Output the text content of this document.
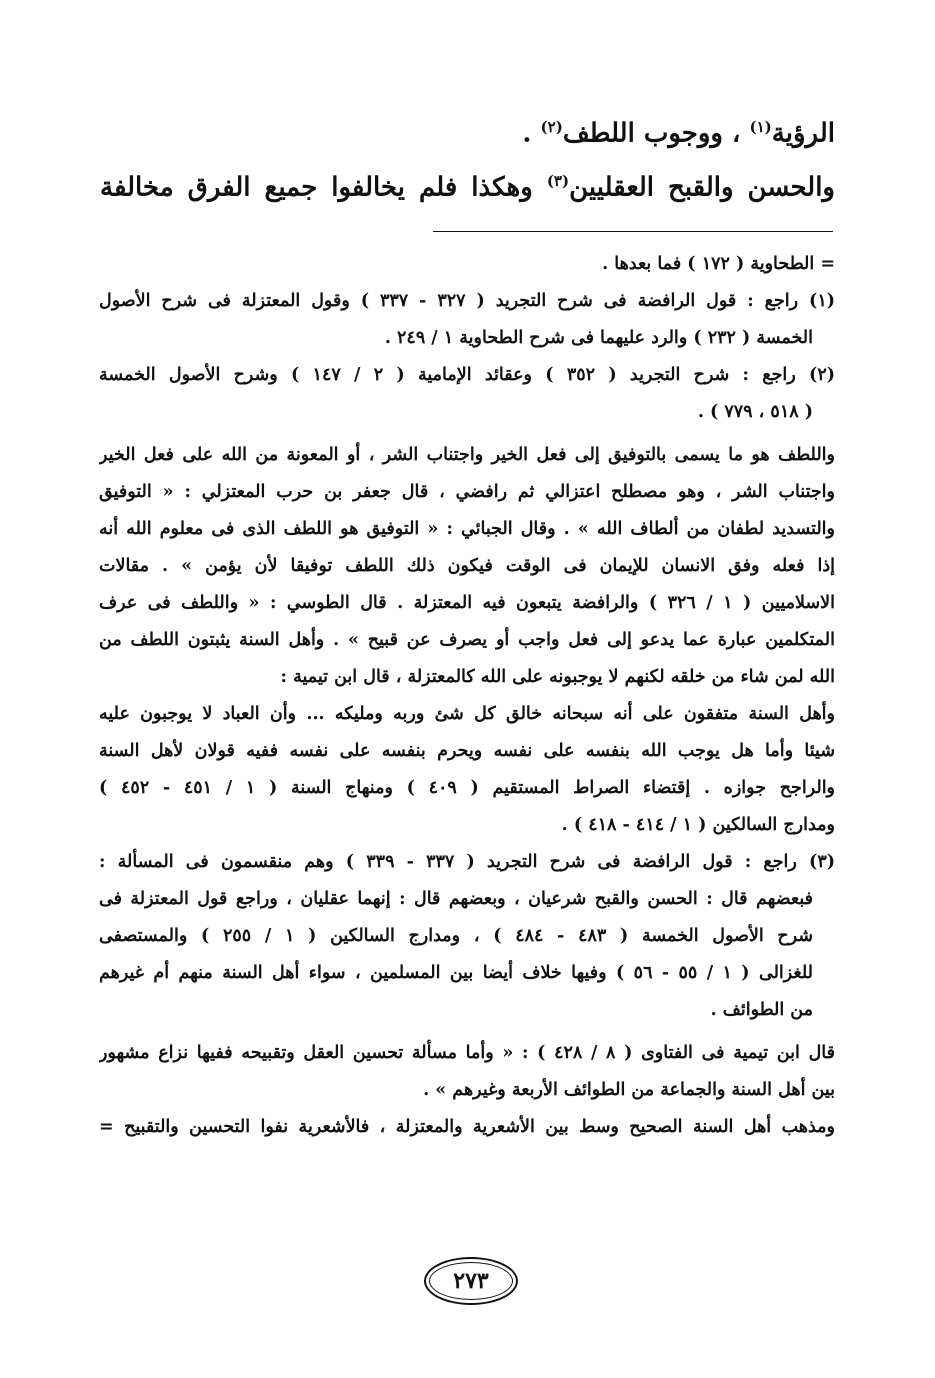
الرؤية$^{(١)}$ ، ووجوب اللطف$^{(٢)}$ .
والحسن والقبح العقليين$^{(٣)}$ وهكذا فلم يخالفوا جميع الفرق مخالفة
= الطحاوية ( ١٧٢ ) فما بعدها .
(١) راجع : قول الرافضة فى شرح التجريد ( ٣٢٧ - ٣٣٧ ) وقول المعتزلة فى شرح الأصول
الخمسة ( ٢٣٢ ) والرد عليهما فى شرح الطحاوية ١ / ٢٤٩ .
(٢) راجع : شرح التجريد ( ٣٥٢ ) وعقائد الإمامية ( ٢ / ١٤٧ ) وشرح الأصول الخمسة
( ٥١٨ ، ٧٧٩ ) .
واللطف هو ما يسمى بالتوفيق إلى فعل الخير واجتناب الشر ، أو المعونة من الله على فعل الخير
واجتناب الشر ، وهو مصطلح اعتزالي ثم رافضي ، قال جعفر بن حرب المعتزلي : « التوفيق
والتسديد لطفان من ألطاف الله » . وقال الجبائي : « التوفيق هو اللطف الذى فى معلوم الله أنه
إذا فعله وفق الانسان للإيمان فى الوقت فيكون ذلك اللطف توفيقا لأن يؤمن » . مقالات
الاسلاميين ( ١ / ٣٢٦ ) والرافضة يتبعون فيه المعتزلة . قال الطوسي : « واللطف فى عرف
المتكلمين عبارة عما يدعو إلى فعل واجب أو يصرف عن قبيح » . وأهل السنة يثبتون اللطف من
الله لمن شاء من خلقه لكنهم لا يوجبونه على الله كالمعتزلة ، قال ابن تيمية :
وأهل السنة متفقون على أنه سبحانه خالق كل شئ وربه ومليكه ... وأن العباد لا يوجبون عليه
شيئا وأما هل يوجب الله بنفسه على نفسه ويحرم بنفسه على نفسه ففيه قولان لأهل السنة
والراجح جوازه . إقتضاء الصراط المستقيم ( ٤٠٩ ) ومنهاج السنة ( ١ / ٤٥١ - ٤٥٢ )
ومدارج السالكين ( ١ / ٤١٤ - ٤١٨ ) .
(٣) راجع : قول الرافضة فى شرح التجريد ( ٣٣٧ - ٣٣٩ ) وهم منقسمون فى المسألة :
فبعضهم قال : الحسن والقبح شرعيان ، وبعضهم قال : إنهما عقليان ، وراجع قول المعتزلة فى
شرح الأصول الخمسة ( ٤٨٣ - ٤٨٤ ) ، ومدارج السالكين ( ١ / ٢٥٥ ) والمستصفى
للغزالى ( ١ / ٥٥ - ٥٦ ) وفيها خلاف أيضا بين المسلمين ، سواء أهل السنة منهم أم غيرهم
من الطوائف .
قال ابن تيمية فى الفتاوى ( ٨ / ٤٢٨ ) : « وأما مسألة تحسين العقل وتقبيحه ففيها نزاع مشهور
بين أهل السنة والجماعة من الطوائف الأربعة وغيرهم » .
ومذهب أهل السنة الصحيح وسط بين الأشعرية والمعتزلة ، فالأشعرية نفوا التحسين والتقبيح =
٢٧٣
